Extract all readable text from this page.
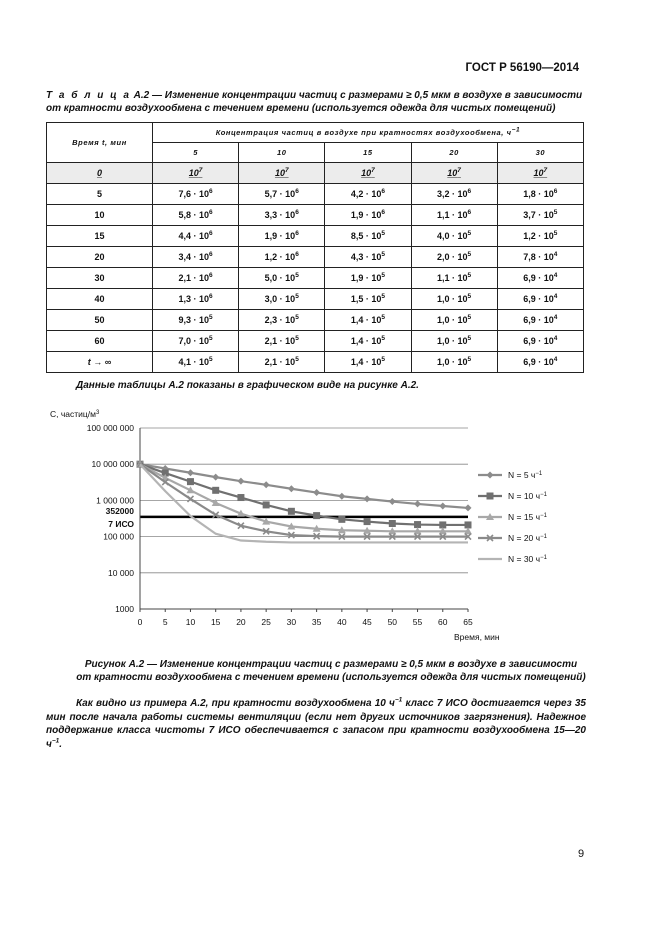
ГОСТ Р 56190—2014
Т а б л и ц а А.2 — Изменение концентрации частиц с размерами ≥ 0,5 мкм в воздухе в зависимости от кратности воздухообмена с течением времени (используется одежда для чистых помещений)
Время t, мин	Концентрация частиц в воздухе при кратностях воздухообмена, $ч^{-1}$
	5	10	15	20	30
0	$10^7$	$10^7$	$10^7$	$10^7$	$10^7$
5	$7,6 \cdot 10^6$	$5,7 \cdot 10^6$	$4,2 \cdot 10^6$	$3,2 \cdot 10^6$	$1,8 \cdot 10^6$
10	$5,8 \cdot 10^6$	$3,3 \cdot 10^6$	$1,9 \cdot 10^6$	$1,1 \cdot 10^6$	$3,7 \cdot 10^5$
15	$4,4 \cdot 10^6$	$1,9 \cdot 10^6$	$8,5 \cdot 10^5$	$4,0 \cdot 10^5$	$1,2 \cdot 10^5$
20	$3,4 \cdot 10^6$	$1,2 \cdot 10^6$	$4,3 \cdot 10^5$	$2,0 \cdot 10^5$	$7,8 \cdot 10^4$
30	$2,1 \cdot 10^6$	$5,0 \cdot 10^5$	$1,9 \cdot 10^5$	$1,1 \cdot 10^5$	$6,9 \cdot 10^4$
40	$1,3 \cdot 10^6$	$3,0 \cdot 10^5$	$1,5 \cdot 10^5$	$1,0 \cdot 10^5$	$6,9 \cdot 10^4$
50	$9,3 \cdot 10^5$	$2,3 \cdot 10^5$	$1,4 \cdot 10^5$	$1,0 \cdot 10^5$	$6,9 \cdot 10^4$
60	$7,0 \cdot 10^5$	$2,1 \cdot 10^5$	$1,4 \cdot 10^5$	$1,0 \cdot 10^5$	$6,9 \cdot 10^4$
t → ∞	$4,1 \cdot 10^5$	$2,1 \cdot 10^5$	$1,4 \cdot 10^5$	$1,0 \cdot 10^5$	$6,9 \cdot 10^4$
Данные таблицы А.2 показаны в графическом виде на рисунке А.2.
100 000 000
10 000 000
1 000 000
100 000
10 000
1000
0 5 10 15 20 25 30 35 40 45 50 55 60 65
352000
7 ИСО
N = 5 $ч^{-1}$
N = 10 $ч^{-1}$
N = 15 $ч^{-1}$
N = 20 $ч^{-1}$
N = 30 $ч^{-1}$
C, частиц/$м^3$
Время, мин
Рисунок А.2 — Изменение концентрации частиц с размерами ≥ 0,5 мкм в воздухе в зависимости
от кратности воздухообмена с течением времени (используется одежда для чистых помещений)
Как видно из примера А.2, при кратности воздухообмена 10 $ч^{-1}$ класс 7 ИСО достигается через 35 мин после начала работы системы вентиляции (если нет других источников загрязнения). Надежное поддержание класса чистоты 7 ИСО обеспечивается с запасом при кратности воздухообмена 15—20 $ч^{-1}$.
9
